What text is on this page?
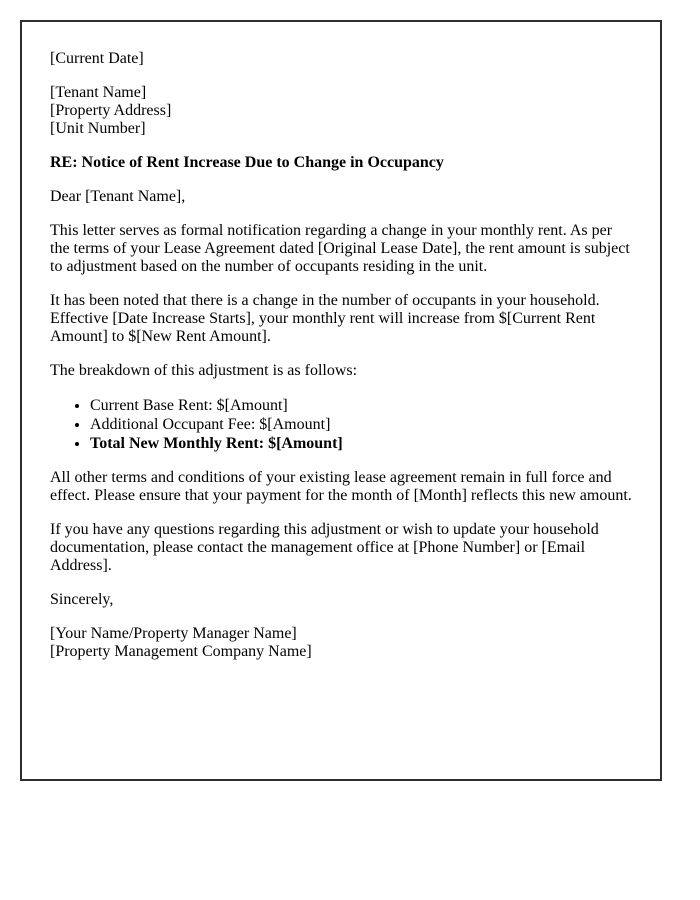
[Current Date]

[Tenant Name]
[Property Address]
[Unit Number]

RE: Notice of Rent Increase Due to Change in Occupancy

Dear [Tenant Name],

This letter serves as formal notification regarding a change in your monthly rent. As per the terms of your Lease Agreement dated [Original Lease Date], the rent amount is subject to adjustment based on the number of occupants residing in the unit.

It has been noted that there is a change in the number of occupants in your household. Effective [Date Increase Starts], your monthly rent will increase from $[Current Rent Amount] to $[New Rent Amount].

The breakdown of this adjustment is as follows:

• Current Base Rent: $[Amount]
• Additional Occupant Fee: $[Amount]
• Total New Monthly Rent: $[Amount]

All other terms and conditions of your existing lease agreement remain in full force and effect. Please ensure that your payment for the month of [Month] reflects this new amount.

If you have any questions regarding this adjustment or wish to update your household documentation, please contact the management office at [Phone Number] or [Email Address].

Sincerely,

[Your Name/Property Manager Name]
[Property Management Company Name]
